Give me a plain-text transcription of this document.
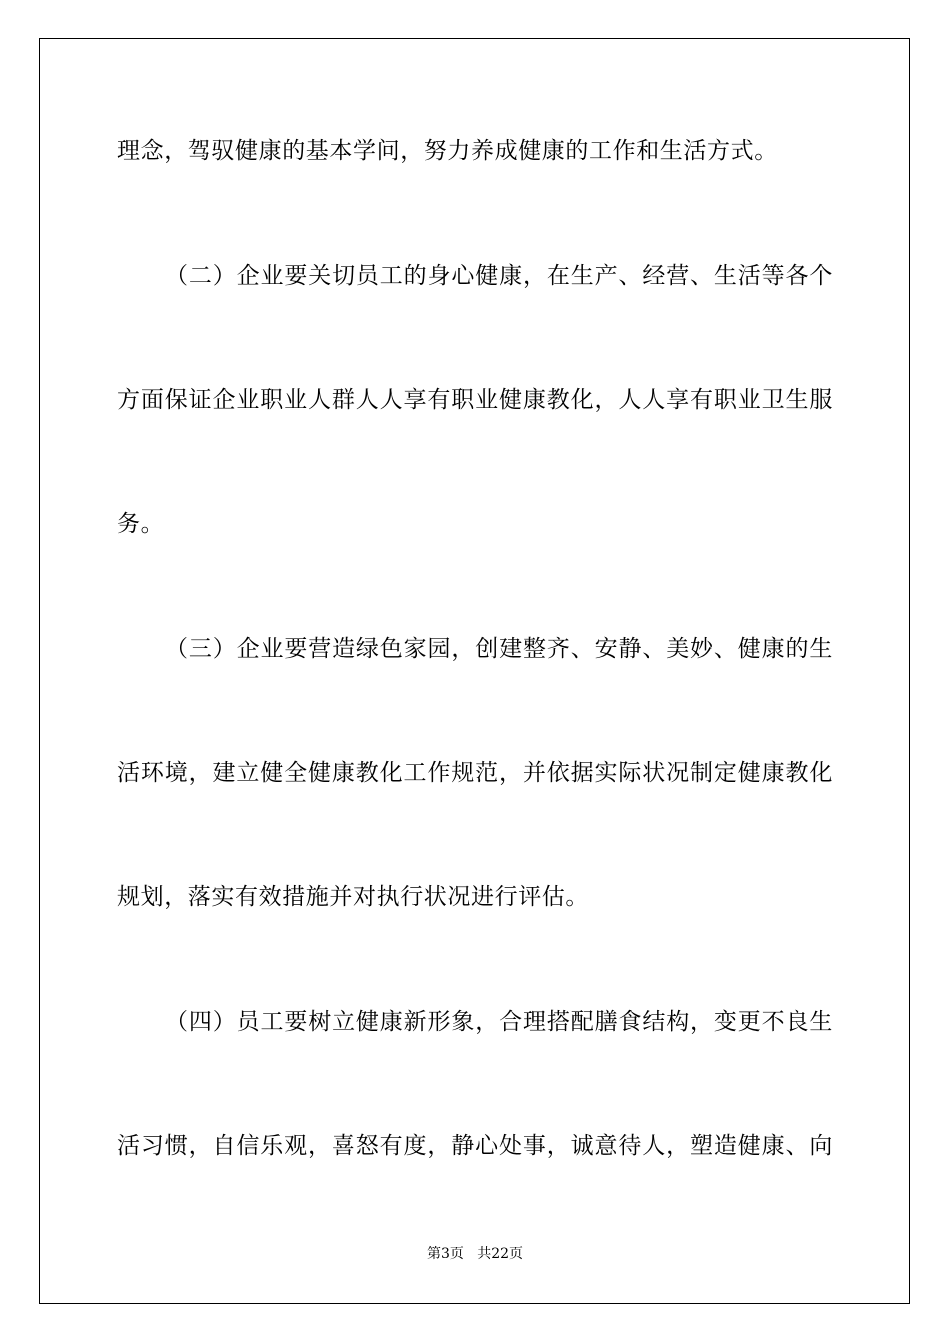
理念，驾驭健康的基本学问，努力养成健康的工作和生活方式。
（二）企业要关切员工的身心健康，在生产、经营、生活等各个
方面保证企业职业人群人人享有职业健康教化，人人享有职业卫生服
务。
（三）企业要营造绿色家园，创建整齐、安静、美妙、健康的生
活环境，建立健全健康教化工作规范，并依据实际状况制定健康教化
规划，落实有效措施并对执行状况进行评估。
（四）员工要树立健康新形象，合理搭配膳食结构，变更不良生
活习惯，自信乐观，喜怒有度，静心处事，诚意待人，塑造健康、向
第3页   共22页
